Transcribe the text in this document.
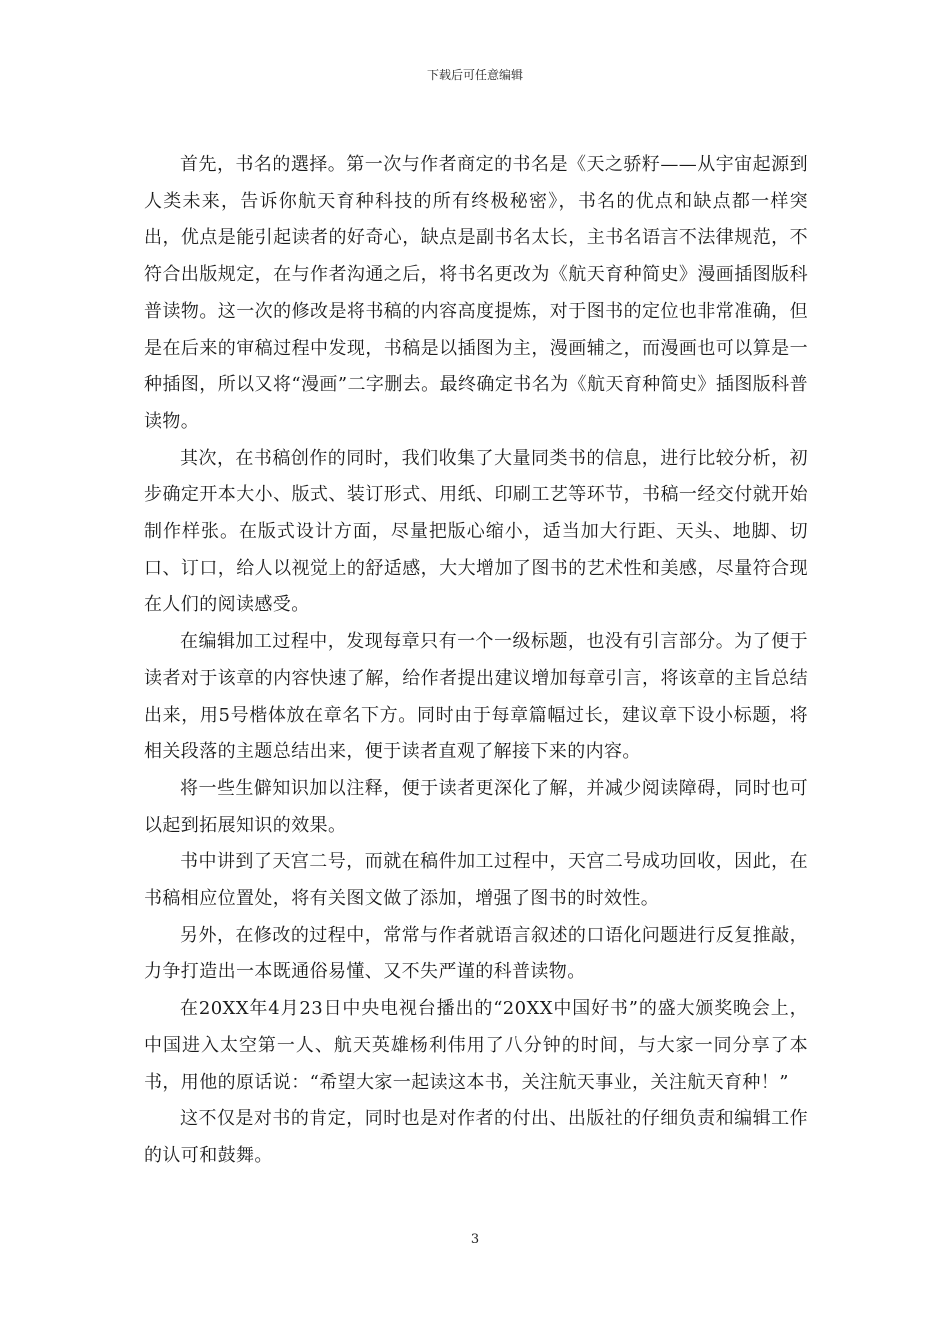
下载后可任意编辑

首先，书名的選择。第一次与作者商定的书名是《天之骄籽——从宇宙起源到人类未来，告诉你航天育种科技的所有终极秘密》，书名的优点和缺点都一样突出，优点是能引起读者的好奇心，缺点是副书名太长，主书名语言不法律规范，不符合出版规定，在与作者沟通之后，将书名更改为《航天育种简史》漫画插图版科普读物。这一次的修改是将书稿的内容高度提炼，对于图书的定位也非常准确，但是在后来的审稿过程中发现，书稿是以插图为主，漫画辅之，而漫画也可以算是一种插图，所以又将“漫画”二字删去。最终确定书名为《航天育种简史》插图版科普读物。

其次，在书稿创作的同时，我们收集了大量同类书的信息，进行比较分析，初步确定开本大小、版式、装订形式、用纸、印刷工艺等环节，书稿一经交付就开始制作样张。在版式设计方面，尽量把版心缩小，适当加大行距、天头、地脚、切口、订口，给人以视觉上的舒适感，大大增加了图书的艺术性和美感，尽量符合现在人们的阅读感受。

在编辑加工过程中，发现每章只有一个一级标题，也没有引言部分。为了便于读者对于该章的内容快速了解，给作者提出建议增加每章引言，将该章的主旨总结出来，用5号楷体放在章名下方。同时由于每章篇幅过长，建议章下设小标题，将相关段落的主题总结出来，便于读者直观了解接下来的内容。

将一些生僻知识加以注释，便于读者更深化了解，并减少阅读障碍，同时也可以起到拓展知识的效果。

书中讲到了天宫二号，而就在稿件加工过程中，天宫二号成功回收，因此，在书稿相应位置处，将有关图文做了添加，增强了图书的时效性。

另外，在修改的过程中，常常与作者就语言叙述的口语化问题进行反复推敲，力争打造出一本既通俗易懂、又不失严谨的科普读物。

在20XX年4月23日中央电视台播出的“20XX中国好书”的盛大颁奖晚会上，中国进入太空第一人、航天英雄杨利伟用了八分钟的时间，与大家一同分享了本书，用他的原话说：“希望大家一起读这本书，关注航天事业，关注航天育种！”

这不仅是对书的肯定，同时也是对作者的付出、出版社的仔细负责和编辑工作的认可和鼓舞。

3
